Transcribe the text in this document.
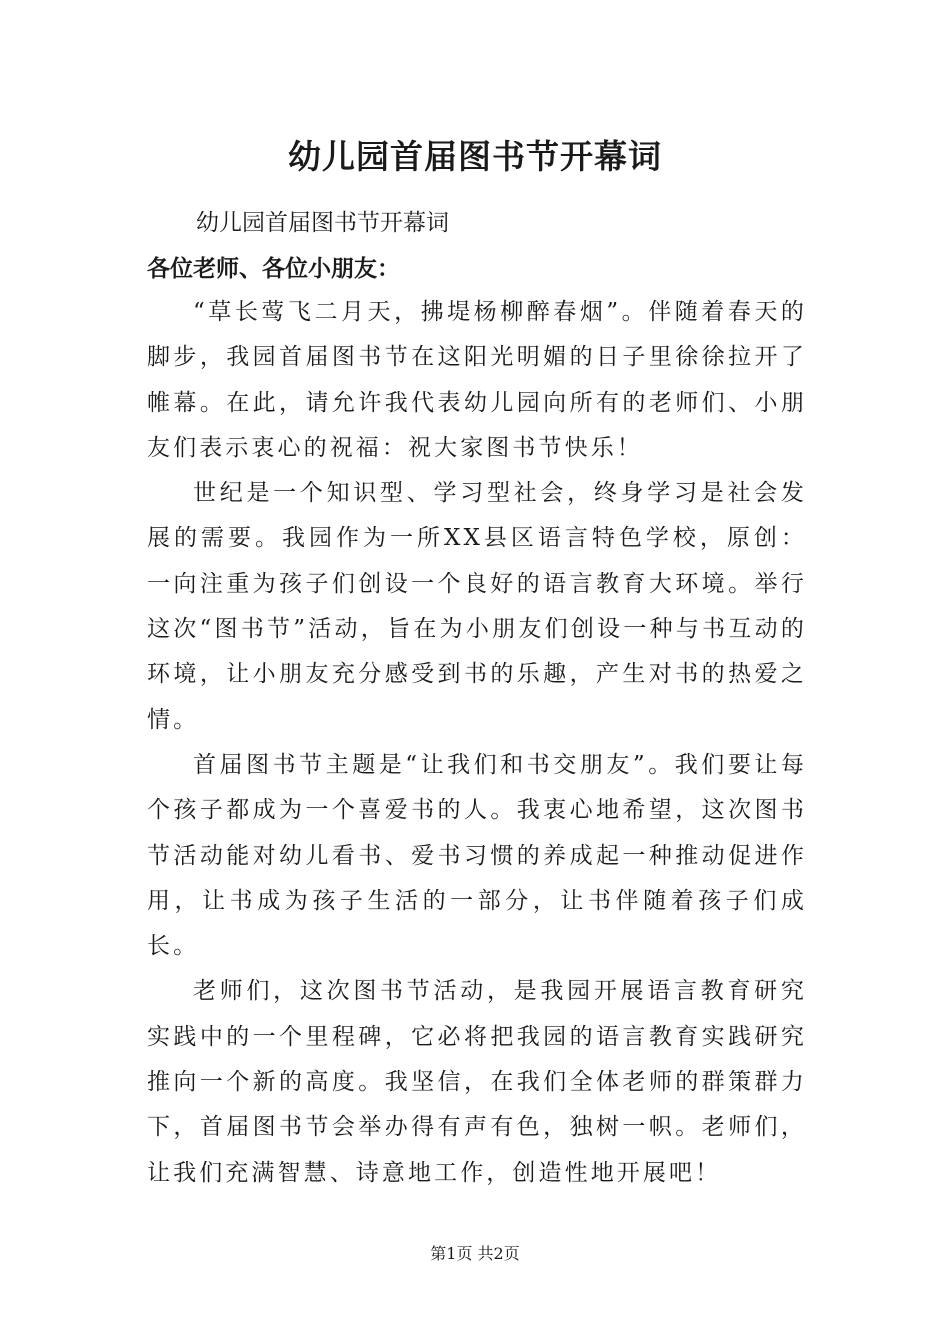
幼儿园首届图书节开幕词

幼儿园首届图书节开幕词

各位老师、各位小朋友：

“草长莺飞二月天，拂堤杨柳醉春烟”。伴随着春天的脚步，我园首届图书节在这阳光明媚的日子里徐徐拉开了帷幕。在此，请允许我代表幼儿园向所有的老师们、小朋友们表示衷心的祝福：祝大家图书节快乐！

世纪是一个知识型、学习型社会，终身学习是社会发展的需要。我园作为一所XX县区语言特色学校，原创：一向注重为孩子们创设一个良好的语言教育大环境。举行这次“图书节”活动，旨在为小朋友们创设一种与书互动的环境，让小朋友充分感受到书的乐趣，产生对书的热爱之情。

首届图书节主题是“让我们和书交朋友”。我们要让每个孩子都成为一个喜爱书的人。我衷心地希望，这次图书节活动能对幼儿看书、爱书习惯的养成起一种推动促进作用，让书成为孩子生活的一部分，让书伴随着孩子们成长。

老师们，这次图书节活动，是我园开展语言教育研究实践中的一个里程碑，它必将把我园的语言教育实践研究推向一个新的高度。我坚信，在我们全体老师的群策群力下，首届图书节会举办得有声有色，独树一帜。老师们，让我们充满智慧、诗意地工作，创造性地开展吧！

第1页 共2页
